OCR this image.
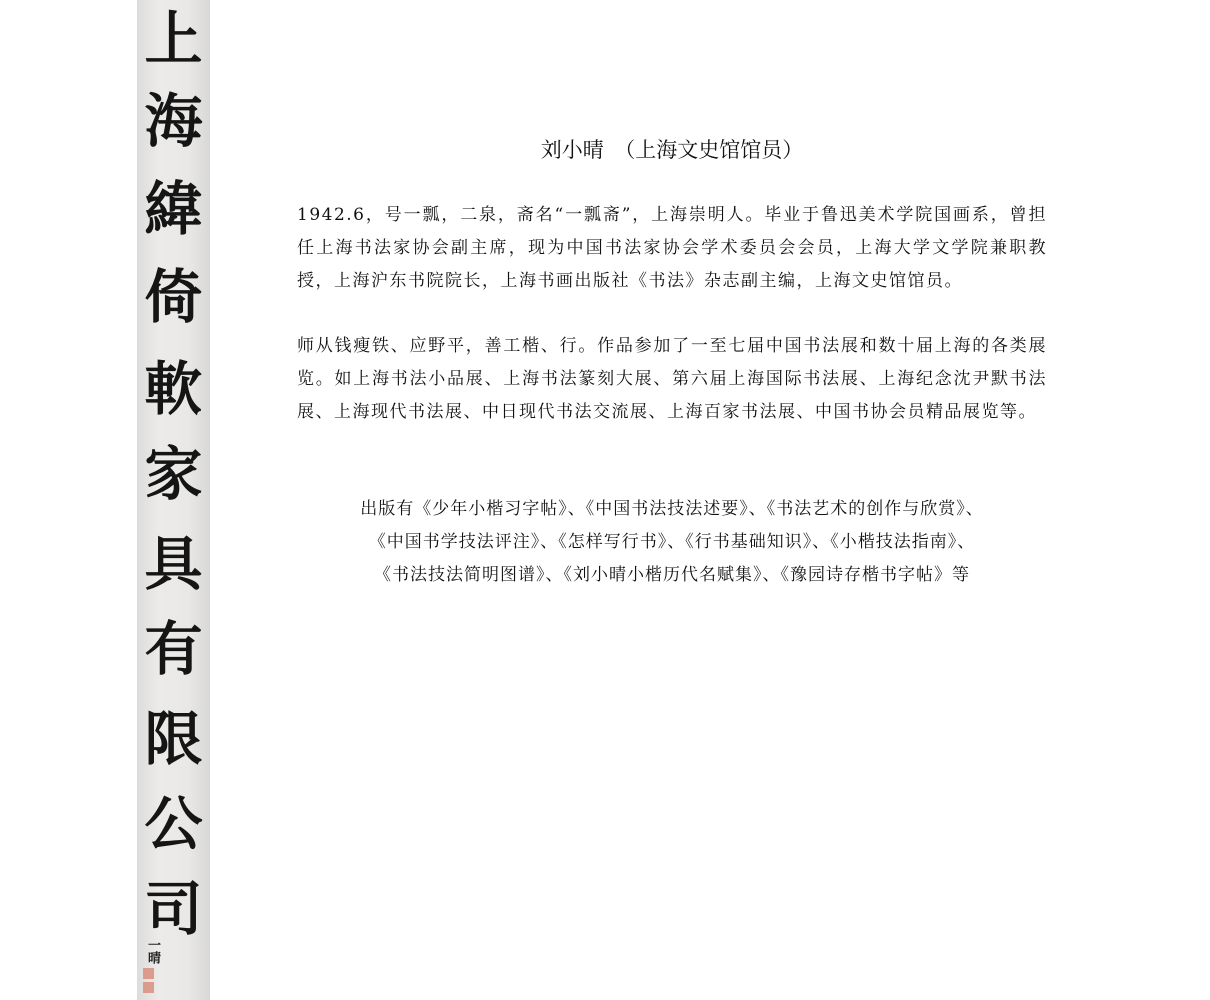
上
海
緯
倚
軟
家
具
有
限
公
司
一晴
刘小晴　（上海文史馆馆员）
1942.6，号一瓢，二泉，斋名“一瓢斋”，上海崇明人。毕业于鲁迅美术学院国画系，曾担任上海书法家协会副主席，现为中国书法家协会学术委员会会员，上海大学文学院兼职教授，上海沪东书院院长，上海书画出版社《书法》杂志副主编，上海文史馆馆员。
师从钱瘦铁、应野平，善工楷、行。作品参加了一至七届中国书法展和数十届上海的各类展览。如上海书法小品展、上海书法篆刻大展、第六届上海国际书法展、上海纪念沈尹默书法展、上海现代书法展、中日现代书法交流展、上海百家书法展、中国书协会员精品展览等。
出版有《少年小楷习字帖》、《中国书法技法述要》、《书法艺术的创作与欣赏》、
《中国书学技法评注》、《怎样写行书》、《行书基础知识》、《小楷技法指南》、
《书法技法简明图谱》、《刘小晴小楷历代名赋集》、《豫园诗存楷书字帖》等
